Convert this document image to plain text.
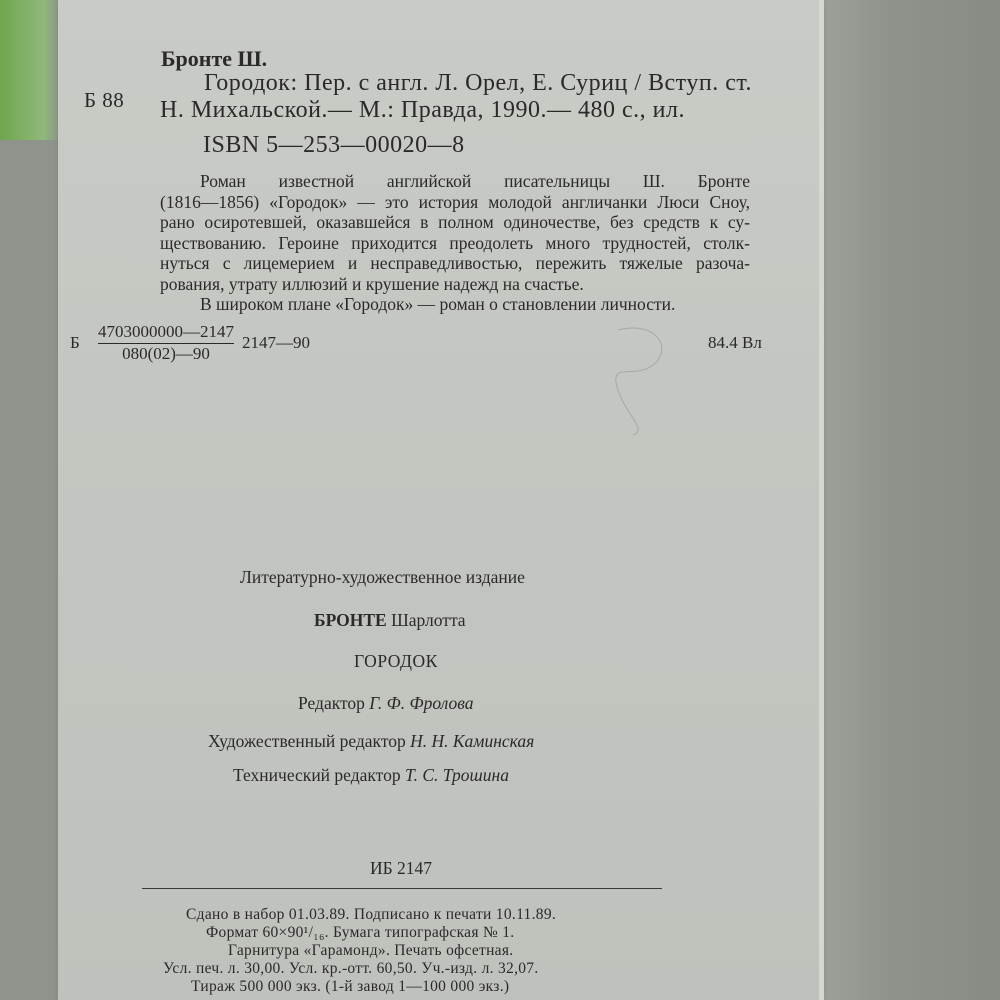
Бронте Ш.
Б 88
Городок: Пер. с англ. Л. Орел, Е. Суриц / Вступ. ст.
Н. Михальской.— М.: Правда, 1990.— 480 с., ил.
ISBN 5—253—00020—8

Роман известной английской писательницы Ш. Бронте

(1816—1856) «Городок» — это история молодой англичанки Люси Сноу,

рано осиротевшей, оказавшейся в полном одиночестве, без средств к су-

ществованию. Героине приходится преодолеть много трудностей, столк-

нуться с лицемерием и несправедливостью, пережить тяжелые разоча-

рования, утрату иллюзий и крушение надежд на счастье.

В широком плане «Городок» — роман о становлении личности.

Б $\frac{4703000000—2147}{080(02)—90}$ 2147—90	84.4 Вл
Литературно-художественное издание
БРОНТЕ Шарлотта
ГОРОДОК
Редактор Г. Ф. Фролова
Художественный редактор Н. Н. Каминская
Технический редактор Т. С. Трошина
ИБ 2147
Сдано в набор 01.03.89. Подписано к печати 10.11.89.
Формат 60×90¹/₁₆. Бумага типографская № 1.
Гарнитура «Гарамонд». Печать офсетная.
Усл. печ. л. 30,00. Усл. кр.-отт. 60,50. Уч.-изд. л. 32,07.
Тираж 500 000 экз. (1-й завод 1—100 000 экз.)
